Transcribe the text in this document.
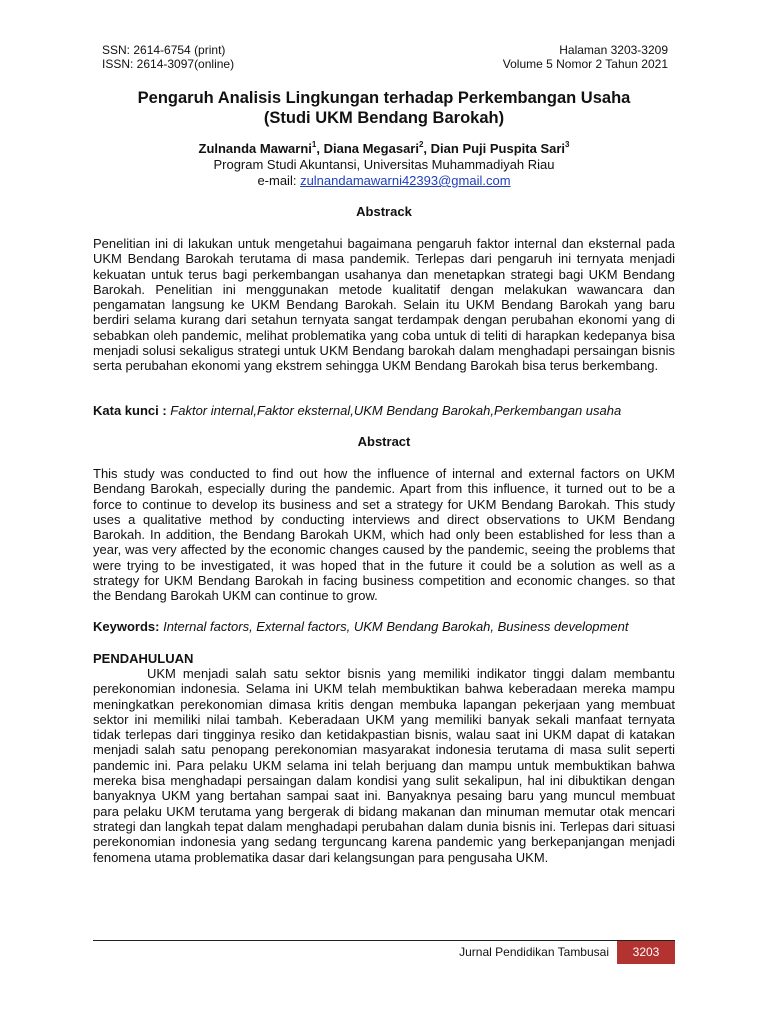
SSN: 2614-6754 (print)
ISSN: 2614-3097(online)
Halaman 3203-3209
Volume 5 Nomor 2 Tahun 2021
Pengaruh Analisis Lingkungan terhadap Perkembangan Usaha
(Studi UKM Bendang Barokah)
Zulnanda Mawarni$^1$, Diana Megasari$^2$, Dian Puji Puspita Sari$^3$
Program Studi Akuntansi, Universitas Muhammadiyah Riau
e-mail: zulnandamawarni42393@gmail.com
Abstrack

Penelitian ini di lakukan untuk mengetahui bagaimana pengaruh faktor internal dan eksternal pada UKM Bendang Barokah terutama di masa pandemik. Terlepas dari pengaruh ini ternyata menjadi kekuatan untuk terus bagi perkembangan usahanya dan menetapkan strategi bagi UKM Bendang Barokah. Penelitian ini menggunakan metode kualitatif dengan melakukan wawancara dan pengamatan langsung ke UKM Bendang Barokah. Selain itu UKM Bendang Barokah yang baru berdiri selama kurang dari setahun ternyata sangat terdampak dengan perubahan ekonomi yang di sebabkan oleh pandemic, melihat problematika yang coba untuk di teliti di harapkan kedepanya bisa menjadi solusi sekaligus strategi untuk UKM Bendang barokah dalam menghadapi persaingan bisnis serta perubahan ekonomi yang ekstrem sehingga UKM Bendang Barokah bisa terus berkembang.

Kata kunci : Faktor internal,Faktor eksternal,UKM Bendang Barokah,Perkembangan usaha
Abstract

This study was conducted to find out how the influence of internal and external factors on UKM Bendang Barokah, especially during the pandemic. Apart from this influence, it turned out to be a force to continue to develop its business and set a strategy for UKM Bendang Barokah. This study uses a qualitative method by conducting interviews and direct observations to UKM Bendang Barokah. In addition, the Bendang Barokah UKM, which had only been established for less than a year, was very affected by the economic changes caused by the pandemic, seeing the problems that were trying to be investigated, it was hoped that in the future it could be a solution as well as a strategy for UKM Bendang Barokah in facing business competition and economic changes. so that the Bendang Barokah UKM can continue to grow.

Keywords: Internal factors, External factors, UKM Bendang Barokah, Business development
PENDAHULUAN

UKM menjadi salah satu sektor bisnis yang memiliki indikator tinggi dalam membantu perekonomian indonesia. Selama ini UKM telah membuktikan bahwa keberadaan mereka mampu meningkatkan perekonomian dimasa kritis dengan membuka lapangan pekerjaan yang membuat sektor ini memiliki nilai tambah. Keberadaan UKM yang memiliki banyak sekali manfaat ternyata tidak terlepas dari tingginya resiko dan ketidakpastian bisnis, walau saat ini UKM dapat di katakan menjadi salah satu penopang perekonomian masyarakat indonesia terutama di masa sulit seperti pandemic ini. Para pelaku UKM selama ini telah berjuang dan mampu untuk membuktikan bahwa mereka bisa menghadapi persaingan dalam kondisi yang sulit sekalipun, hal ini dibuktikan dengan banyaknya UKM yang bertahan sampai saat ini. Banyaknya pesaing baru yang muncul membuat para pelaku UKM terutama yang bergerak di bidang makanan dan minuman memutar otak mencari strategi dan langkah tepat dalam menghadapi perubahan dalam dunia bisnis ini. Terlepas dari situasi perekonomian indonesia yang sedang terguncang karena pandemic yang berkepanjangan menjadi fenomena utama problematika dasar dari kelangsungan para pengusaha UKM.

Jurnal Pendidikan Tambusai	3203
